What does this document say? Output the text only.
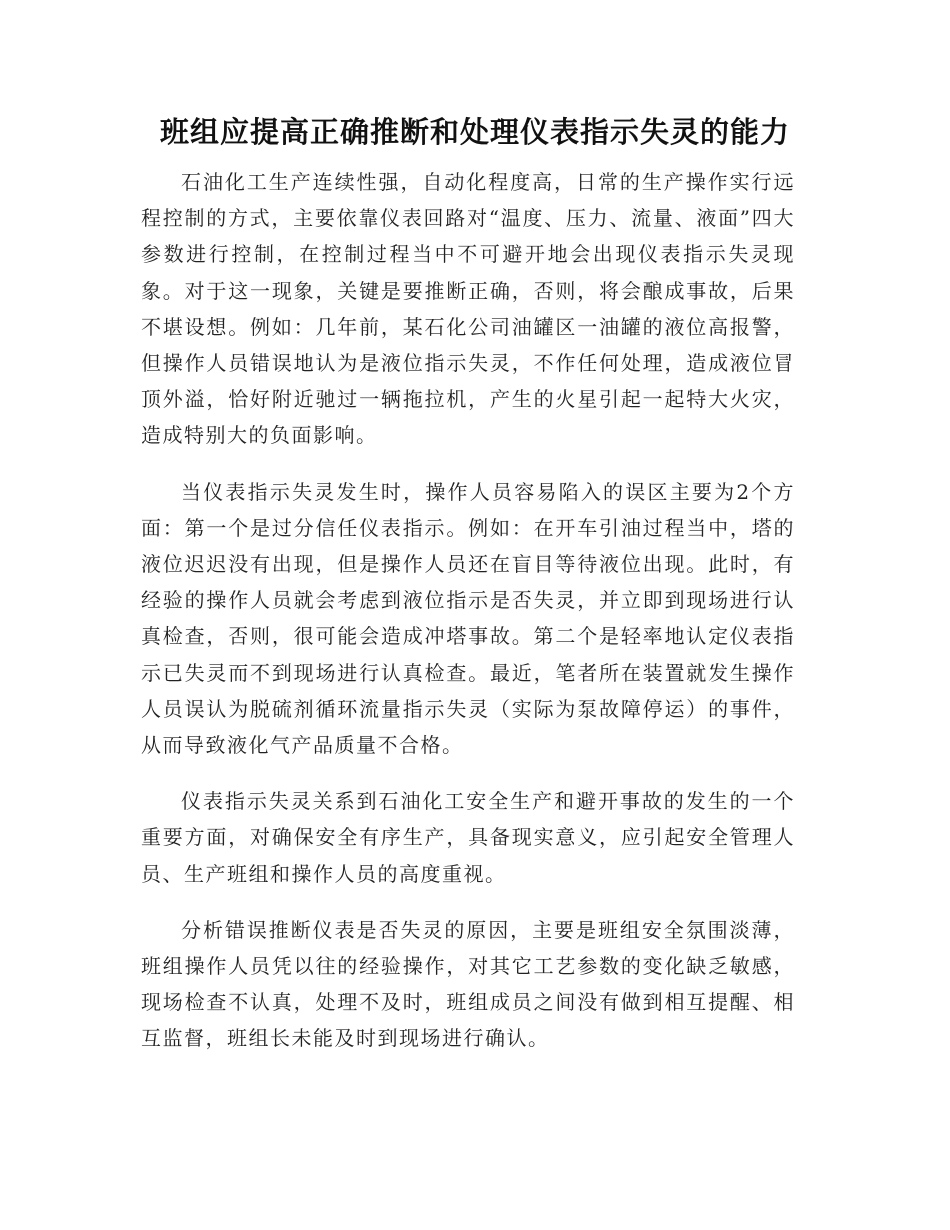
班组应提高正确推断和处理仪表指示失灵的能力

石油化工生产连续性强，自动化程度高，日常的生产操作实行远程控制的方式，主要依靠仪表回路对“温度、压力、流量、液面”四大参数进行控制，在控制过程当中不可避开地会出现仪表指示失灵现象。对于这一现象，关键是要推断正确，否则，将会酿成事故，后果不堪设想。例如：几年前，某石化公司油罐区一油罐的液位高报警，但操作人员错误地认为是液位指示失灵，不作任何处理，造成液位冒顶外溢，恰好附近驰过一辆拖拉机，产生的火星引起一起特大火灾，造成特别大的负面影响。

当仪表指示失灵发生时，操作人员容易陷入的误区主要为2个方面：第一个是过分信任仪表指示。例如：在开车引油过程当中，塔的液位迟迟没有出现，但是操作人员还在盲目等待液位出现。此时，有经验的操作人员就会考虑到液位指示是否失灵，并立即到现场进行认真检查，否则，很可能会造成冲塔事故。第二个是轻率地认定仪表指示已失灵而不到现场进行认真检查。最近，笔者所在装置就发生操作人员误认为脱硫剂循环流量指示失灵（实际为泵故障停运）的事件，从而导致液化气产品质量不合格。

仪表指示失灵关系到石油化工安全生产和避开事故的发生的一个重要方面，对确保安全有序生产，具备现实意义，应引起安全管理人员、生产班组和操作人员的高度重视。

分析错误推断仪表是否失灵的原因，主要是班组安全氛围淡薄，班组操作人员凭以往的经验操作，对其它工艺参数的变化缺乏敏感，现场检查不认真，处理不及时，班组成员之间没有做到相互提醒、相互监督，班组长未能及时到现场进行确认。
